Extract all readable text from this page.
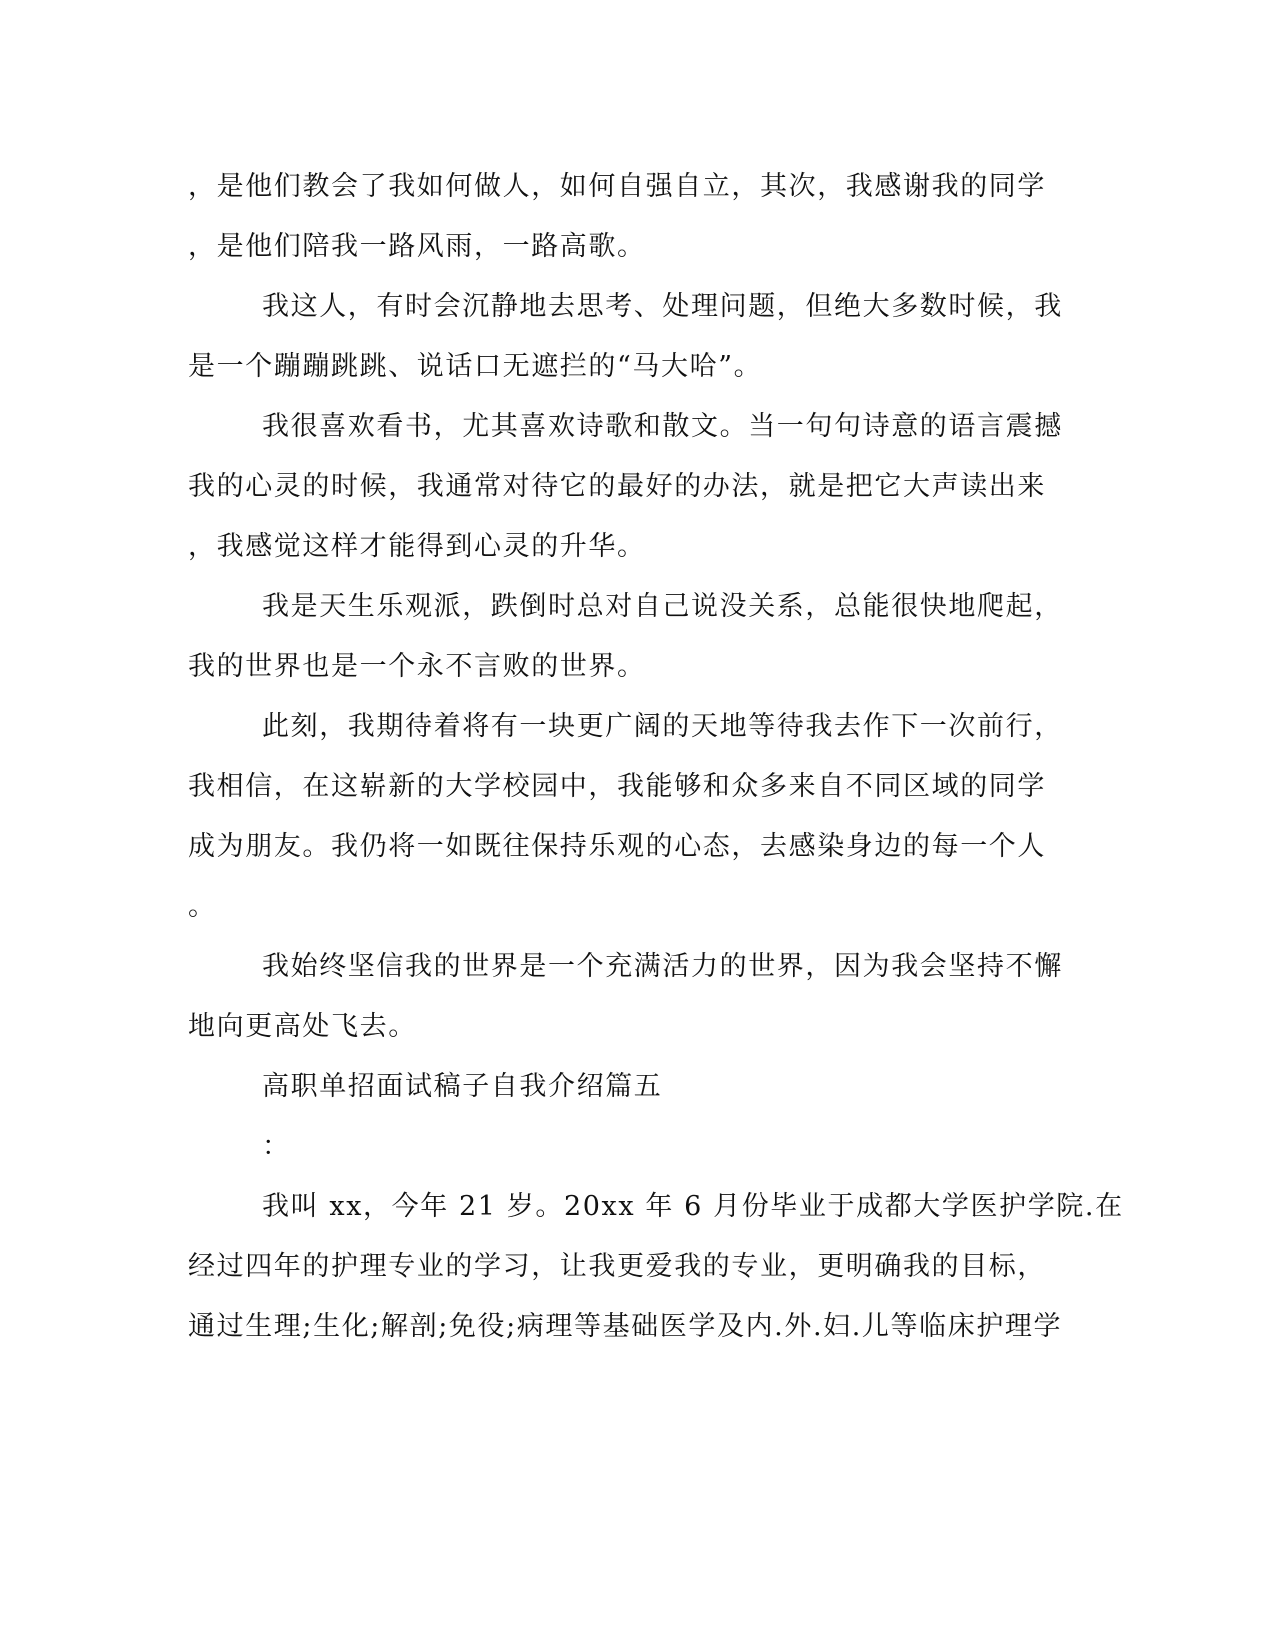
，是他们教会了我如何做人，如何自强自立，其次，我感谢我的同学
，是他们陪我一路风雨，一路高歌。
我这人，有时会沉静地去思考、处理问题，但绝大多数时候，我
是一个蹦蹦跳跳、说话口无遮拦的“马大哈”。
我很喜欢看书，尤其喜欢诗歌和散文。当一句句诗意的语言震撼
我的心灵的时候，我通常对待它的最好的办法，就是把它大声读出来
，我感觉这样才能得到心灵的升华。
我是天生乐观派，跌倒时总对自己说没关系，总能很快地爬起，
我的世界也是一个永不言败的世界。
此刻，我期待着将有一块更广阔的天地等待我去作下一次前行，
我相信，在这崭新的大学校园中，我能够和众多来自不同区域的同学
成为朋友。我仍将一如既往保持乐观的心态，去感染身边的每一个人
。
我始终坚信我的世界是一个充满活力的世界，因为我会坚持不懈
地向更高处飞去。
高职单招面试稿子自我介绍篇五
：
我叫 xx，今年 21 岁。20xx 年 6 月份毕业于成都大学医护学院.在
经过四年的护理专业的学习，让我更爱我的专业，更明确我的目标，
通过生理;生化;解剖;免役;病理等基础医学及内.外.妇.儿等临床护理学
